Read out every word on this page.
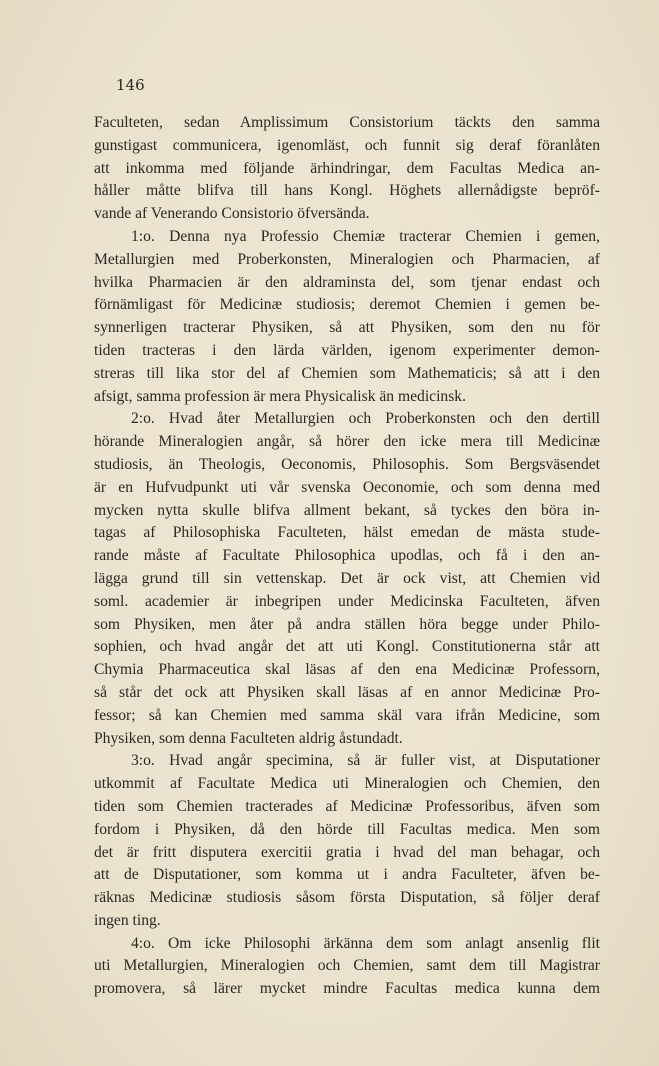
146
Faculteten, sedan Amplissimum Consistorium täckts den samma
gunstigast communicera, igenomläst, och funnit sig deraf föranlåten
att inkomma med följande ärhindringar, dem Facultas Medica an-
håller måtte blifva till hans Kongl. Höghets allernådigste bepröf-
vande af Venerando Consistorio öfversända.
1:o. Denna nya Professio Chemiæ tracterar Chemien i gemen,
Metallurgien med Proberkonsten, Mineralogien och Pharmacien, af
hvilka Pharmacien är den aldraminsta del, som tjenar endast och
förnämligast för Medicinæ studiosis; deremot Chemien i gemen be-
synnerligen tracterar Physiken, så att Physiken, som den nu för
tiden tracteras i den lärda världen, igenom experimenter demon-
streras till lika stor del af Chemien som Mathematicis; så att i den
afsigt, samma profession är mera Physicalisk än medicinsk.
2:o. Hvad åter Metallurgien och Proberkonsten och den dertill
hörande Mineralogien angår, så hörer den icke mera till Medicinæ
studiosis, än Theologis, Oeconomis, Philosophis. Som Bergsväsendet
är en Hufvudpunkt uti vår svenska Oeconomie, och som denna med
mycken nytta skulle blifva allment bekant, så tyckes den böra in-
tagas af Philosophiska Faculteten, hälst emedan de mästa stude-
rande måste af Facultate Philosophica upodlas, och få i den an-
lägga grund till sin vettenskap. Det är ock vist, att Chemien vid
soml. academier är inbegripen under Medicinska Faculteten, äfven
som Physiken, men åter på andra ställen höra begge under Philo-
sophien, och hvad angår det att uti Kongl. Constitutionerna står att
Chymia Pharmaceutica skal läsas af den ena Medicinæ Professorn,
så står det ock att Physiken skall läsas af en annor Medicinæ Pro-
fessor; så kan Chemien med samma skäl vara ifrån Medicine, som
Physiken, som denna Faculteten aldrig åstundadt.
3:o. Hvad angår specimina, så är fuller vist, at Disputationer
utkommit af Facultate Medica uti Mineralogien och Chemien, den
tiden som Chemien tracterades af Medicinæ Professoribus, äfven som
fordom i Physiken, då den hörde till Facultas medica. Men som
det är fritt disputera exercitii gratia i hvad del man behagar, och
att de Disputationer, som komma ut i andra Faculteter, äfven be-
räknas Medicinæ studiosis såsom första Disputation, så följer deraf
ingen ting.
4:o. Om icke Philosophi ärkänna dem som anlagt ansenlig flit
uti Metallurgien, Mineralogien och Chemien, samt dem till Magistrar
promovera, så lärer mycket mindre Facultas medica kunna dem
